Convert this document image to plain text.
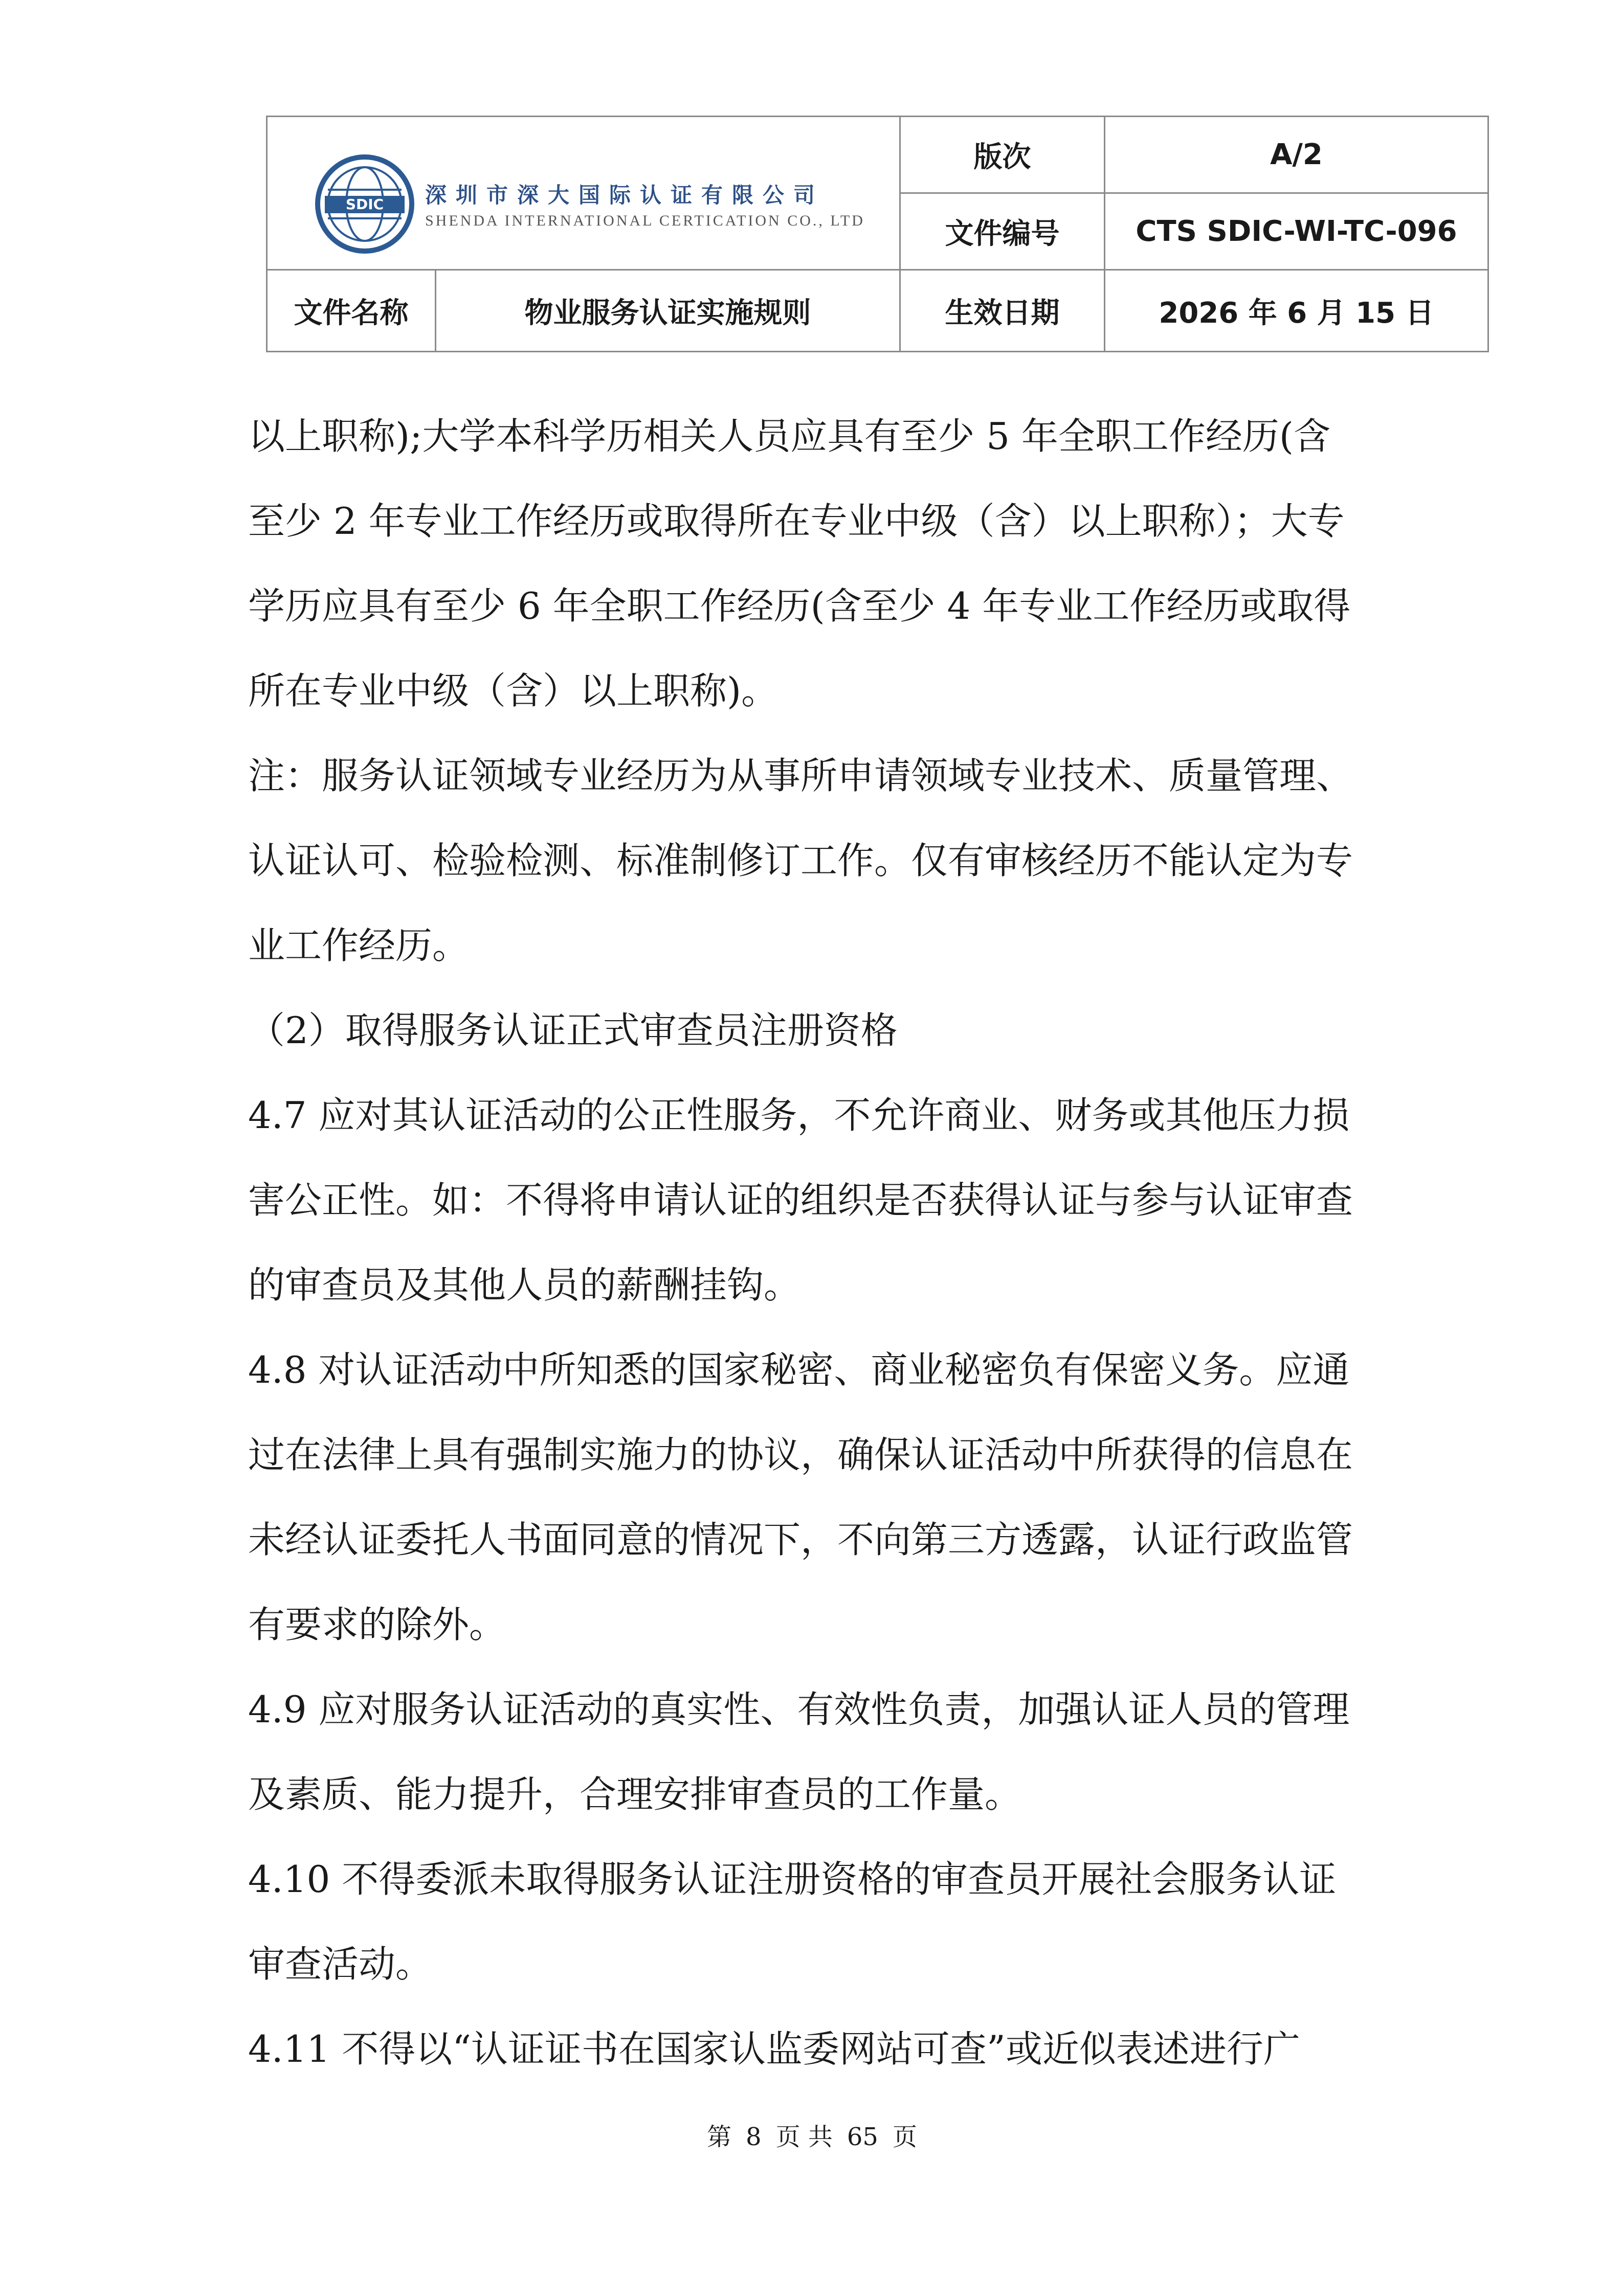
SDIC 深圳市深大国际认证有限公司
SHENDA INTERNATIONAL CERTICATION CO., LTD		版次	A/2
		文件编号	CTS SDIC-WI-TC-096
文件名称	物业服务认证实施规则	生效日期	2026 年 6 月 15 日
以上职称);大学本科学历相关人员应具有至少 5 年全职工作经历(含
至少 2 年专业工作经历或取得所在专业中级（含）以上职称）；大专
学历应具有至少 6 年全职工作经历(含至少 4 年专业工作经历或取得
所在专业中级（含）以上职称)。
注：服务认证领域专业经历为从事所申请领域专业技术、质量管理、
认证认可、检验检测、标准制修订工作。仅有审核经历不能认定为专
业工作经历。
（2）取得服务认证正式审查员注册资格
4.7 应对其认证活动的公正性服务，不允许商业、财务或其他压力损
害公正性。如：不得将申请认证的组织是否获得认证与参与认证审查
的审查员及其他人员的薪酬挂钩。
4.8 对认证活动中所知悉的国家秘密、商业秘密负有保密义务。应通
过在法律上具有强制实施力的协议，确保认证活动中所获得的信息在
未经认证委托人书面同意的情况下，不向第三方透露，认证行政监管
有要求的除外。
4.9 应对服务认证活动的真实性、有效性负责，加强认证人员的管理
及素质、能力提升，合理安排审查员的工作量。
4.10 不得委派未取得服务认证注册资格的审查员开展社会服务认证
审查活动。
4.11 不得以“认证证书在国家认监委网站可查”或近似表述进行广
第 8 页 共 65 页
